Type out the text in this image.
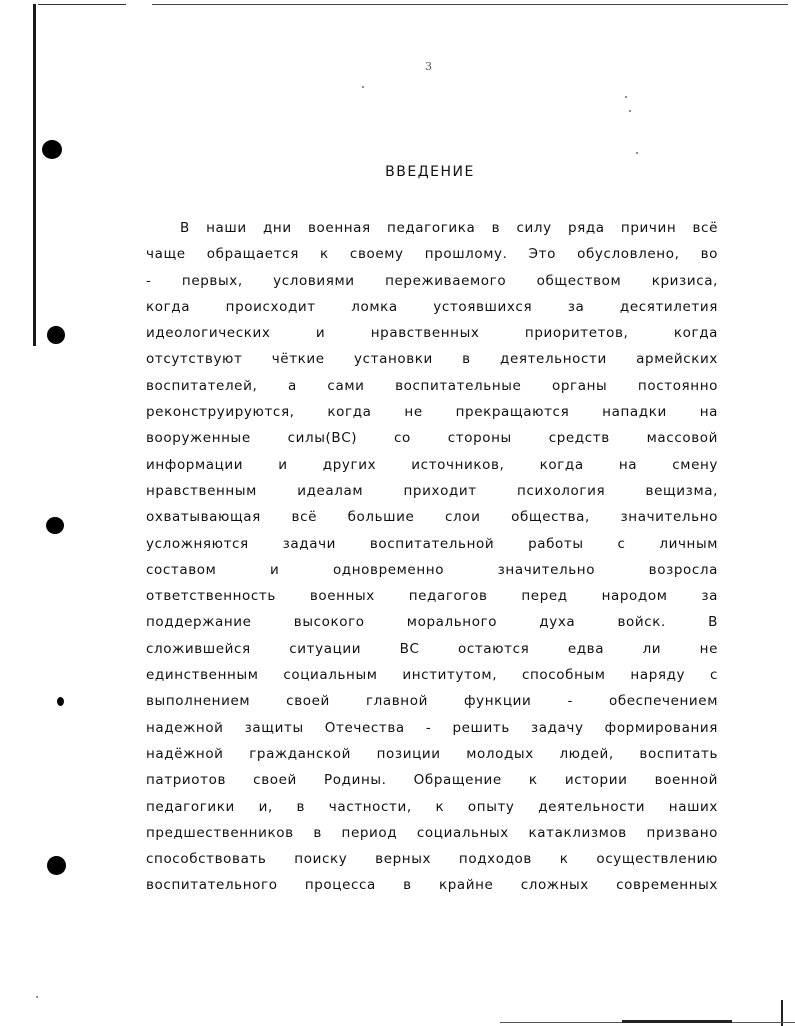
3
ВВЕДЕНИЕ
В наши дни военная педагогика в силу ряда причин всё
чаще обращается к своему прошлому. Это обусловлено, во
- первых, условиями переживаемого обществом кризиса,
когда происходит ломка устоявшихся за десятилетия
идеологических и нравственных приоритетов, когда
отсутствуют чёткие установки в деятельности армейских
воспитателей, а сами воспитательные органы постоянно
реконструируются, когда не прекращаются нападки на
вооруженные силы(ВС) со стороны средств массовой
информации и других источников, когда на смену
нравственным идеалам приходит психология вещизма,
охватывающая всё большие слои общества, значительно
усложняются задачи воспитательной работы с личным
составом и одновременно значительно возросла
ответственность военных педагогов перед народом за
поддержание высокого морального духа войск. В
сложившейся ситуации ВС остаются едва ли не
единственным социальным институтом, способным наряду с
выполнением своей главной функции - обеспечением
надежной защиты Отечества - решить задачу формирования
надёжной гражданской позиции молодых людей, воспитать
патриотов своей Родины. Обращение к истории военной
педагогики и, в частности, к опыту деятельности наших
предшественников в период социальных катаклизмов призвано
способствовать поиску верных подходов к осуществлению
воспитательного процесса в крайне сложных современных
